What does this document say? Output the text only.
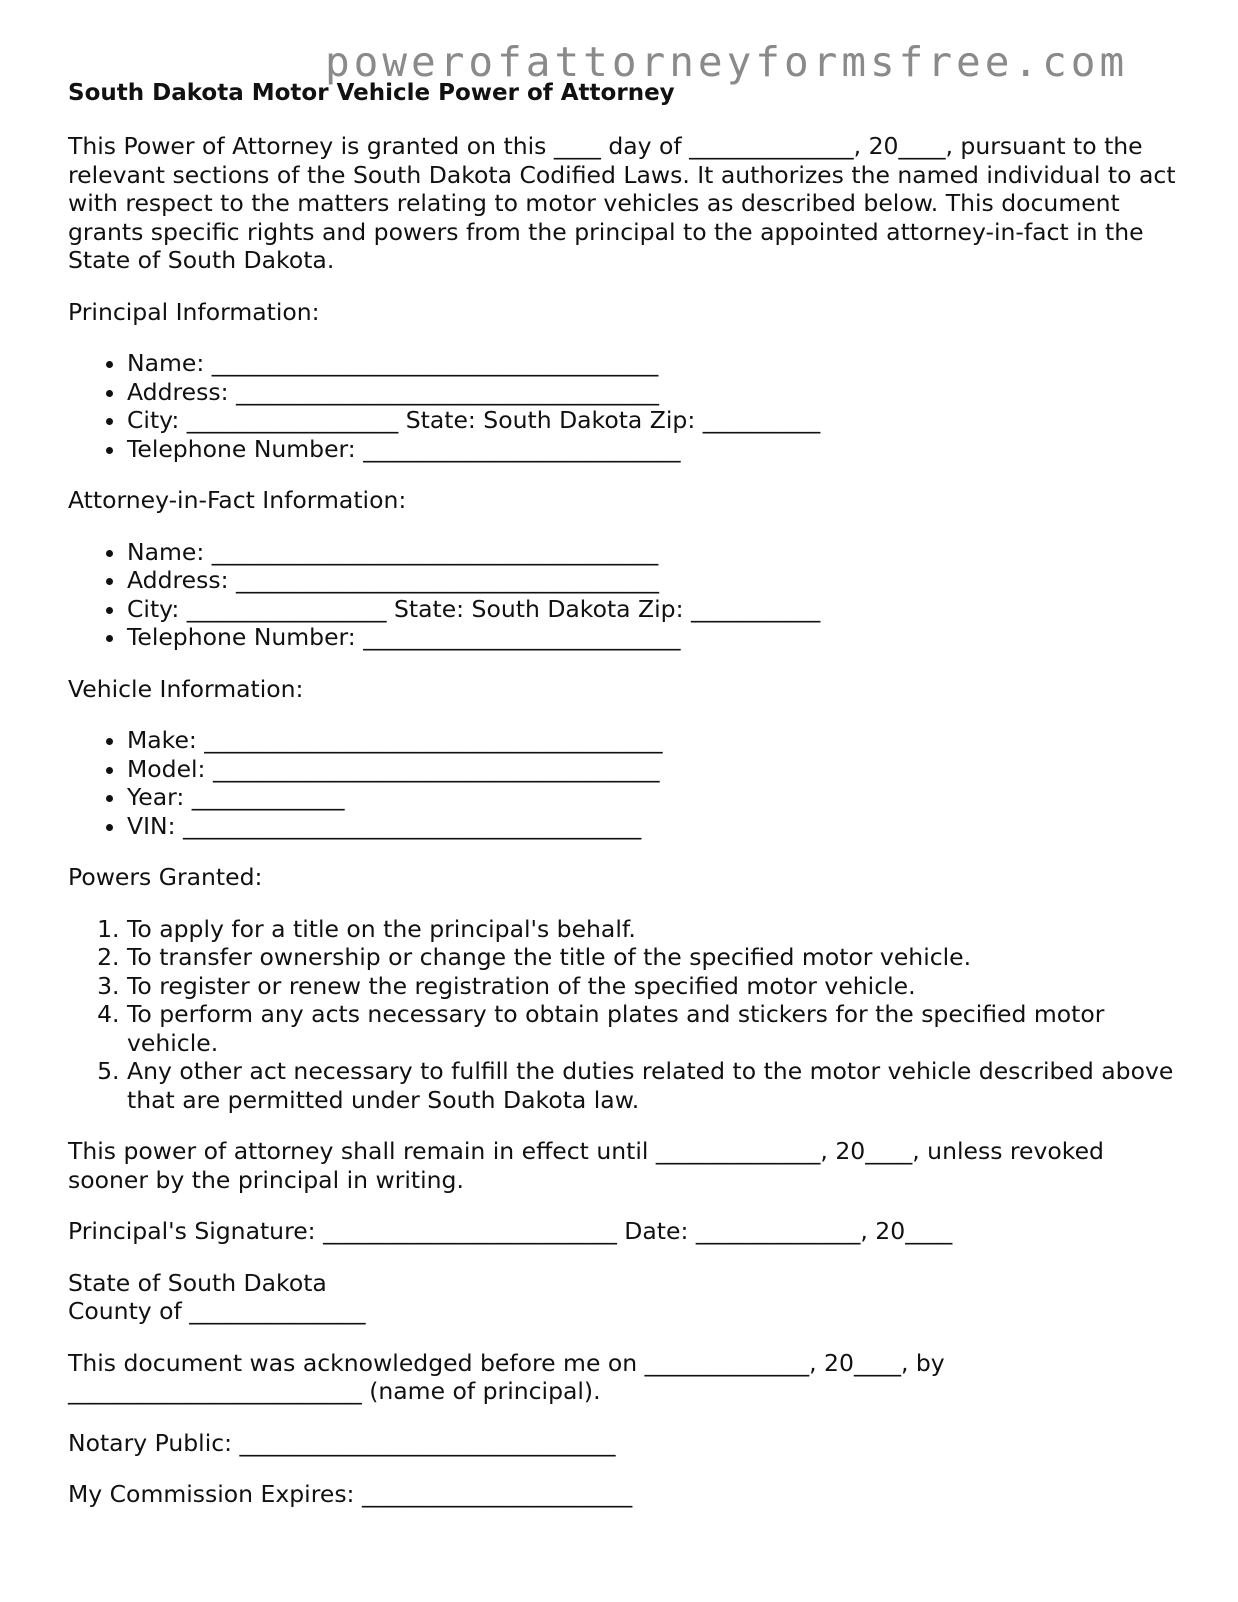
powerofattorneyformsfree.com
South Dakota Motor Vehicle Power of Attorney

This Power of Attorney is granted on this ____ day of ______________, 20____, pursuant to the relevant sections of the South Dakota Codified Laws. It authorizes the named individual to act with respect to the matters relating to motor vehicles as described below. This document grants specific rights and powers from the principal to the appointed attorney-in-fact in the State of South Dakota.

Principal Information:
• Name: ______________________________________
• Address: ____________________________________
• City: __________________ State: South Dakota Zip: __________
• Telephone Number: ___________________________
Attorney-in-Fact Information:
• Name: ______________________________________
• Address: ____________________________________
• City: _________________ State: South Dakota Zip: ___________
• Telephone Number: ___________________________
Vehicle Information:
• Make: _______________________________________
• Model: ______________________________________
• Year: _____________
• VIN: _______________________________________
Powers Granted:
1. To apply for a title on the principal's behalf.
2. To transfer ownership or change the title of the specified motor vehicle.
3. To register or renew the registration of the specified motor vehicle.
4. To perform any acts necessary to obtain plates and stickers for the specified motor vehicle.
5. Any other act necessary to fulfill the duties related to the motor vehicle described above that are permitted under South Dakota law.

This power of attorney shall remain in effect until ______________, 20____, unless revoked sooner by the principal in writing.

Principal's Signature: _________________________ Date: ______________, 20____

State of South Dakota
County of _______________

This document was acknowledged before me on ______________, 20____, by _________________________ (name of principal).

Notary Public: ________________________________

My Commission Expires: _______________________
